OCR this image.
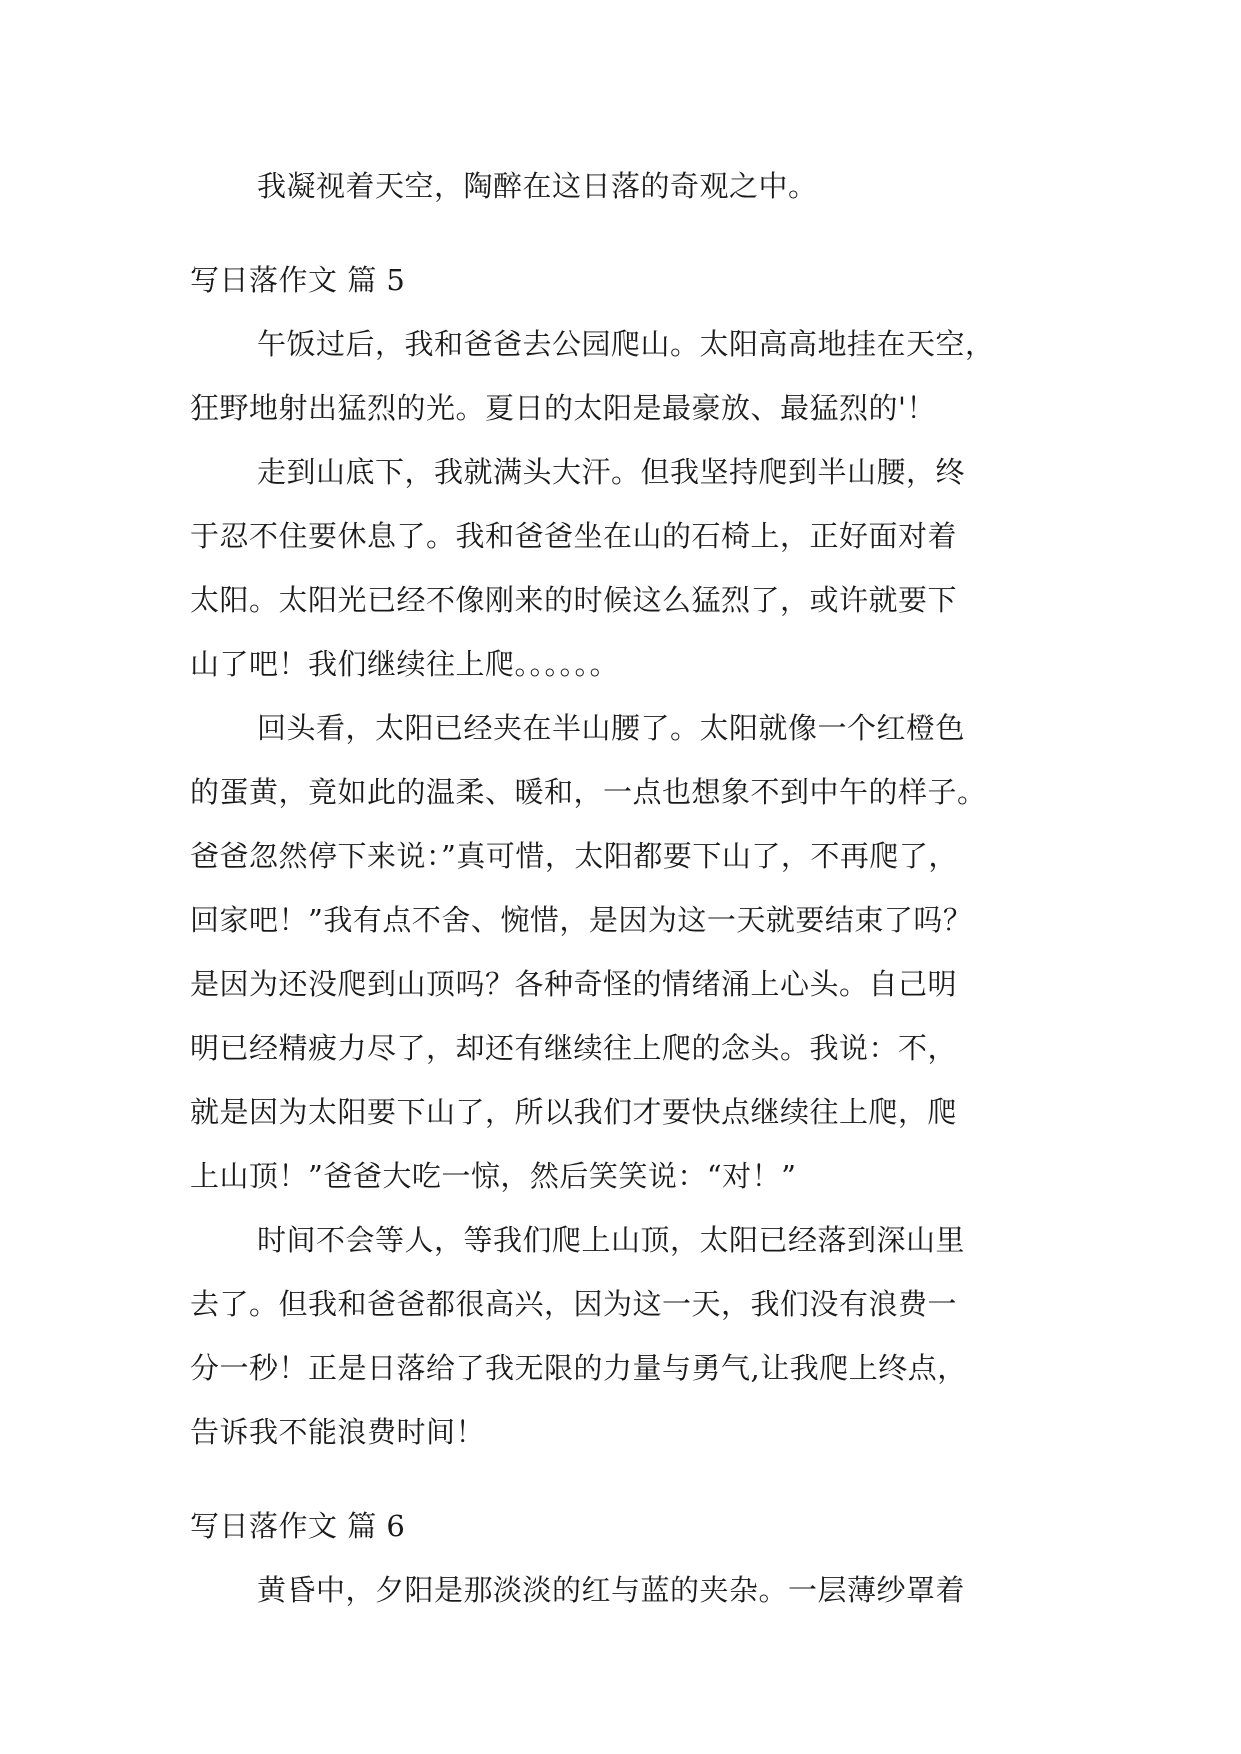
我凝视着天空，陶醉在这日落的奇观之中。
写日落作文 篇 5
午饭过后，我和爸爸去公园爬山。太阳高高地挂在天空，
狂野地射出猛烈的光。夏日的太阳是最豪放、最猛烈的'！
走到山底下，我就满头大汗。但我坚持爬到半山腰，终
于忍不住要休息了。我和爸爸坐在山的石椅上，正好面对着
太阳。太阳光已经不像刚来的时候这么猛烈了，或许就要下
山了吧！我们继续往上爬。。。。。。
回头看，太阳已经夹在半山腰了。太阳就像一个红橙色
的蛋黄，竟如此的温柔、暖和，一点也想象不到中午的样子。
爸爸忽然停下来说：”真可惜，太阳都要下山了，不再爬了，
回家吧！”我有点不舍、惋惜，是因为这一天就要结束了吗？
是因为还没爬到山顶吗？各种奇怪的情绪涌上心头。自己明
明已经精疲力尽了，却还有继续往上爬的念头。我说：不，
就是因为太阳要下山了，所以我们才要快点继续往上爬，爬
上山顶！”爸爸大吃一惊，然后笑笑说：“对！”
时间不会等人，等我们爬上山顶，太阳已经落到深山里
去了。但我和爸爸都很高兴，因为这一天，我们没有浪费一
分一秒！正是日落给了我无限的力量与勇气,让我爬上终点，
告诉我不能浪费时间！
写日落作文 篇 6
黄昏中，夕阳是那淡淡的红与蓝的夹杂。一层薄纱罩着
